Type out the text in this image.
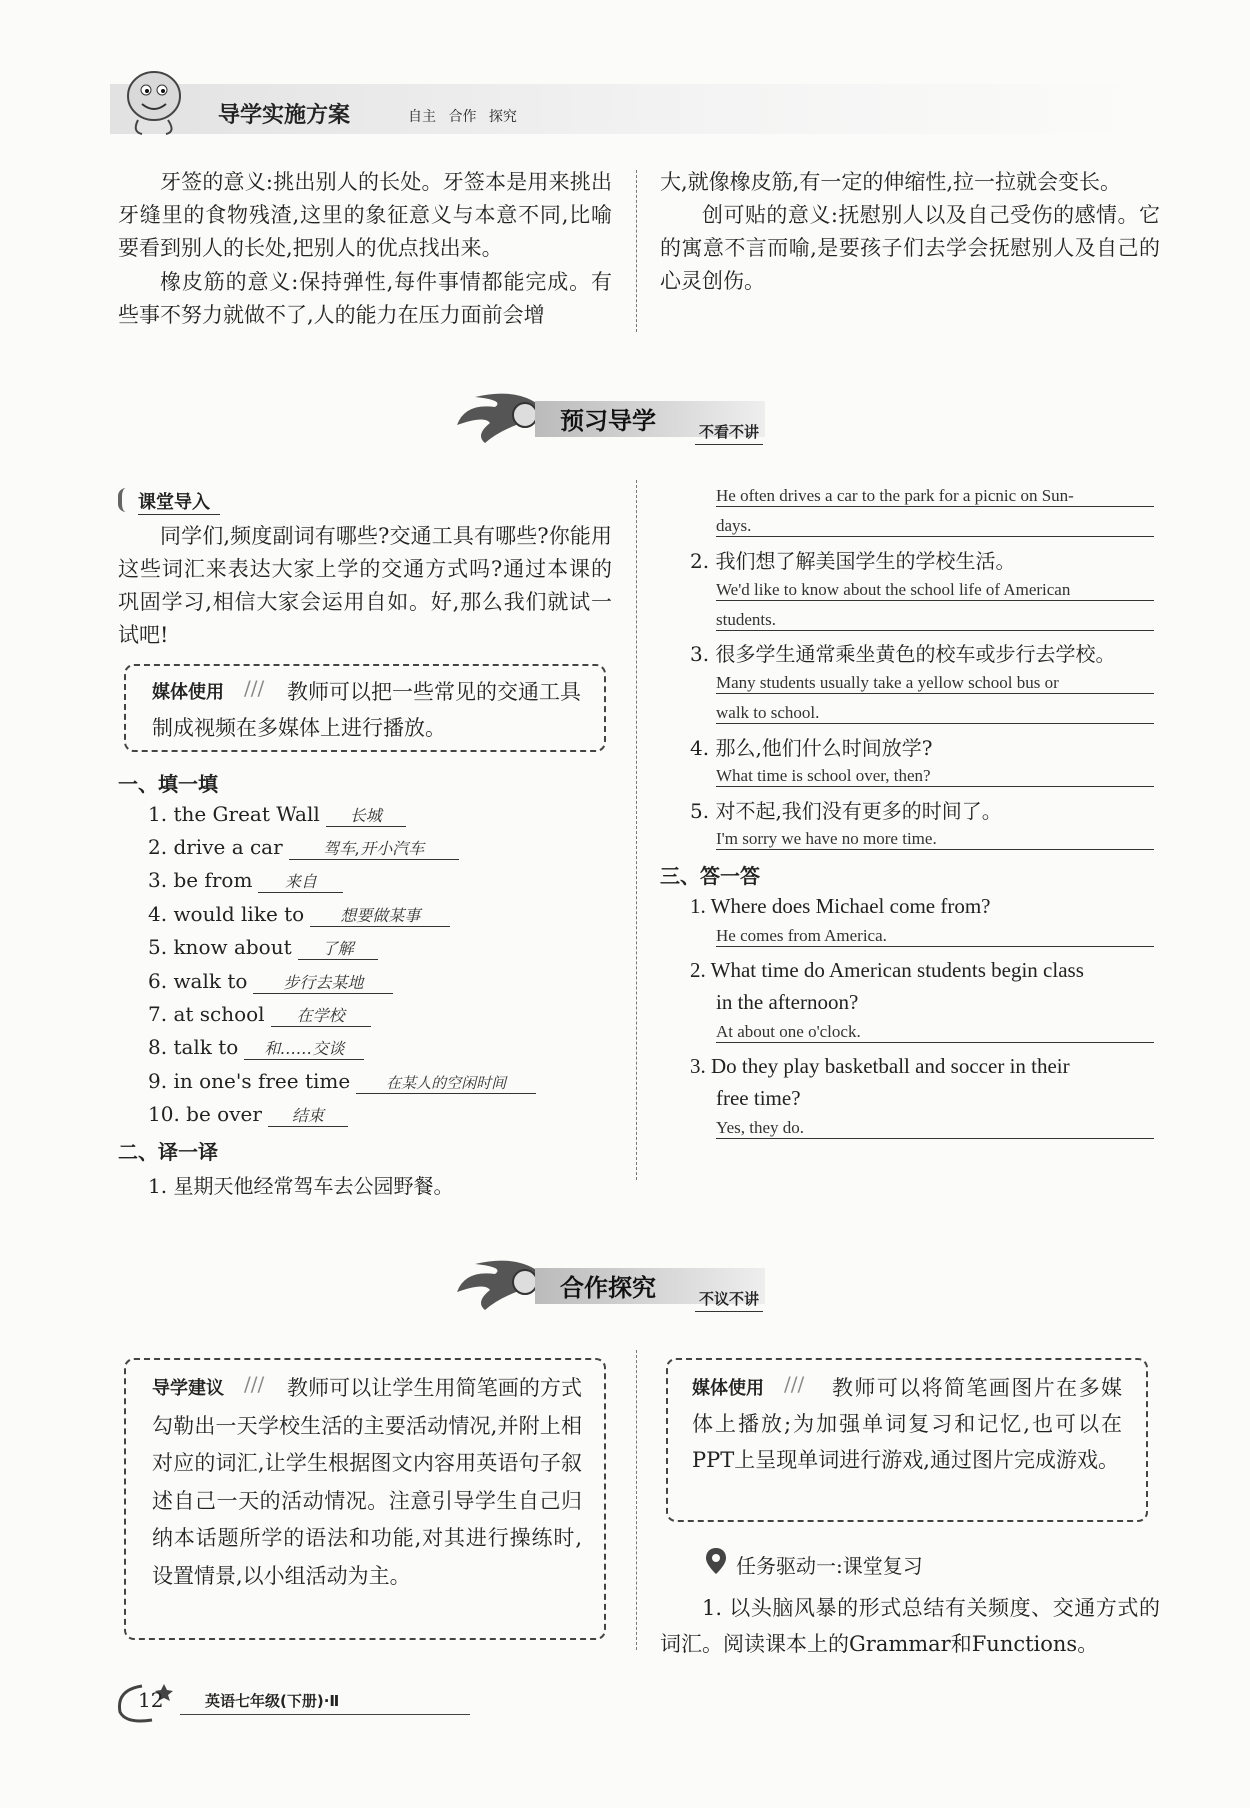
导学实施方案	自主 合作 探究
牙签的意义:挑出别人的长处。牙签本是用来挑出牙缝里的食物残渣,这里的象征意义与本意不同,比喻要看到别人的长处,把别人的优点找出来。
橡皮筋的意义:保持弹性,每件事情都能完成。有些事不努力就做不了,人的能力在压力面前会增
大,就像橡皮筋,有一定的伸缩性,拉一拉就会变长。
创可贴的意义:抚慰别人以及自己受伤的感情。它的寓意不言而喻,是要孩子们去学会抚慰别人及自己的心灵创伤。
预习导学	不看不讲
课堂导入
同学们,频度副词有哪些?交通工具有哪些?你能用这些词汇来表达大家上学的交通方式吗?通过本课的巩固学习,相信大家会运用自如。好,那么我们就试一试吧!
媒体使用 ///	教师可以把一些常见的交通工具制成视频在多媒体上进行播放。
一、填一填
1. the Great Wall 长城
2. drive a car	驾车,开小汽车
3. be from 来自
4. would like to 想要做某事
5. know about 了解
6. walk to 步行去某地
7. at school 在学校
8. talk to 和……交谈
9. in one's free time 在某人的空闲时间
10. be over 结束
二、译一译
1. 星期天他经常驾车去公园野餐。
He often drives a car to the park for a picnic on Sun-
days.
2. 我们想了解美国学生的学校生活。
We'd like to know about the school life of American
students.
3. 很多学生通常乘坐黄色的校车或步行去学校。
Many students usually take a yellow school bus or
walk to school.
4. 那么,他们什么时间放学?
What time is school over, then?
5. 对不起,我们没有更多的时间了。
I'm sorry we have no more time.
三、答一答
1. Where does Michael come from?
He comes from America.
2. What time do American students begin class
in the afternoon?
At about one o'clock.
3. Do they play basketball and soccer in their
free time?
Yes, they do.
合作探究	不议不讲
导学建议 ///	教师可以让学生用简笔画的方式勾勒出一天学校生活的主要活动情况,并附上相对应的词汇,让学生根据图文内容用英语句子叙述自己一天的活动情况。注意引导学生自己归纳本话题所学的语法和功能,对其进行操练时,设置情景,以小组活动为主。
媒体使用 ///	教师可以将简笔画图片在多媒体上播放;为加强单词复习和记忆,也可以在PPT上呈现单词进行游戏,通过图片完成游戏。
任务驱动一:课堂复习
1. 以头脑风暴的形式总结有关频度、交通方式的词汇。阅读课本上的Grammar和Functions。
12	英语七年级(下册)·Ⅱ
